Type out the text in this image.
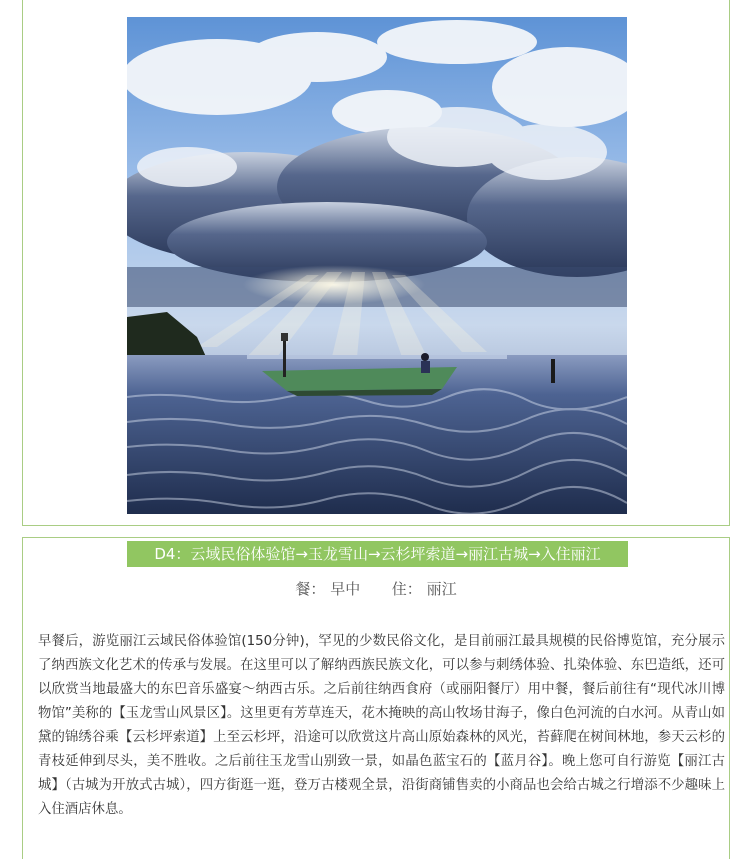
D4：云域民俗体验馆→玉龙雪山→云杉坪索道→丽江古城→入住丽江
餐： 早中 住： 丽江

早餐后，游览丽江云域民俗体验馆(150分钟)，罕见的少数民俗文化，是目前丽江最具规模的民俗博览馆，充分展示了纳西族文化艺术的传承与发展。在这里可以了解纳西族民族文化，可以参与刺绣体验、扎染体验、东巴造纸，还可以欣赏当地最盛大的东巴音乐盛宴～纳西古乐。之后前往纳西食府（或丽阳餐厅）用中餐，餐后前往有“现代冰川博物馆”美称的【玉龙雪山风景区】。这里更有芳草连天，花木掩映的高山牧场甘海子，像白色河流的白水河。从青山如黛的锦绣谷乘【云杉坪索道】上至云杉坪，沿途可以欣赏这片高山原始森林的风光，苔藓爬在树间林地，参天云杉的青枝延伸到尽头，美不胜收。之后前往玉龙雪山别致一景，如晶色蓝宝石的【蓝月谷】。晚上您可自行游览【丽江古城】（古城为开放式古城），四方街逛一逛，登万古楼观全景，沿街商铺售卖的小商品也会给古城之行增添不少趣味上入住酒店休息。
